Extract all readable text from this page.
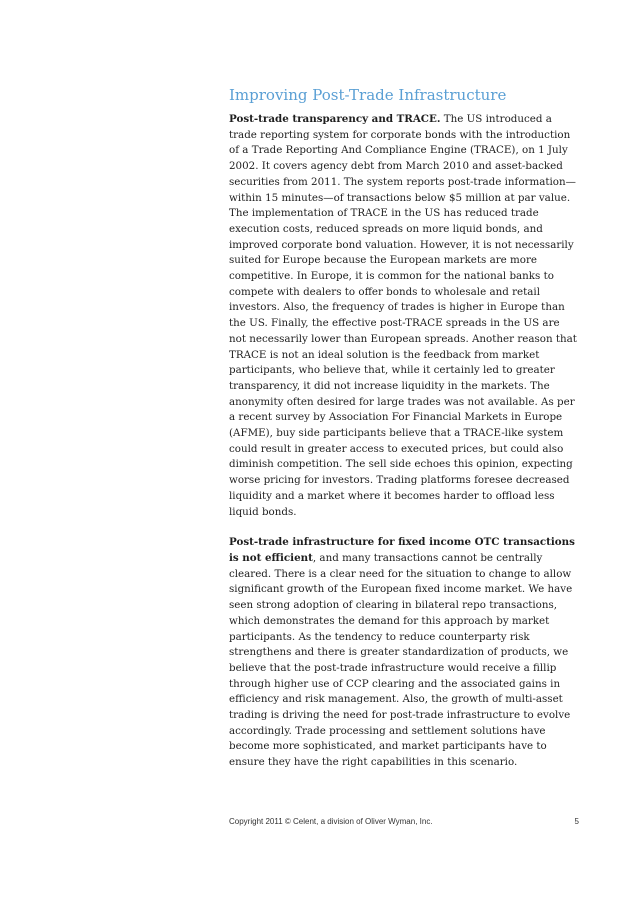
Improving Post-Trade Infrastructure

Post-trade transparency and TRACE. The US introduced a trade reporting system for corporate bonds with the introduction of a Trade Reporting And Compliance Engine (TRACE), on 1 July 2002. It covers agency debt from March 2010 and asset-backed securities from 2011. The system reports post-trade information—within 15 minutes—of transactions below $5 million at par value. The implementation of TRACE in the US has reduced trade execution costs, reduced spreads on more liquid bonds, and improved corporate bond valuation. However, it is not necessarily suited for Europe because the European markets are more competitive. In Europe, it is common for the national banks to compete with dealers to offer bonds to wholesale and retail investors. Also, the frequency of trades is higher in Europe than the US. Finally, the effective post-TRACE spreads in the US are not necessarily lower than European spreads. Another reason that TRACE is not an ideal solution is the feedback from market participants, who believe that, while it certainly led to greater transparency, it did not increase liquidity in the markets. The anonymity often desired for large trades was not available. As per a recent survey by Association For Financial Markets in Europe (AFME), buy side participants believe that a TRACE-like system could result in greater access to executed prices, but could also diminish competition. The sell side echoes this opinion, expecting worse pricing for investors. Trading platforms foresee decreased liquidity and a market where it becomes harder to offload less liquid bonds.

Post-trade infrastructure for fixed income OTC transactions is not efficient, and many transactions cannot be centrally cleared. There is a clear need for the situation to change to allow significant growth of the European fixed income market. We have seen strong adoption of clearing in bilateral repo transactions, which demonstrates the demand for this approach by market participants. As the tendency to reduce counterparty risk strengthens and there is greater standardization of products, we believe that the post-trade infrastructure would receive a fillip through higher use of CCP clearing and the associated gains in efficiency and risk management. Also, the growth of multi-asset trading is driving the need for post-trade infrastructure to evolve accordingly. Trade processing and settlement solutions have become more sophisticated, and market participants have to ensure they have the right capabilities in this scenario.

Copyright 2011 © Celent, a division of Oliver Wyman, Inc.	5
